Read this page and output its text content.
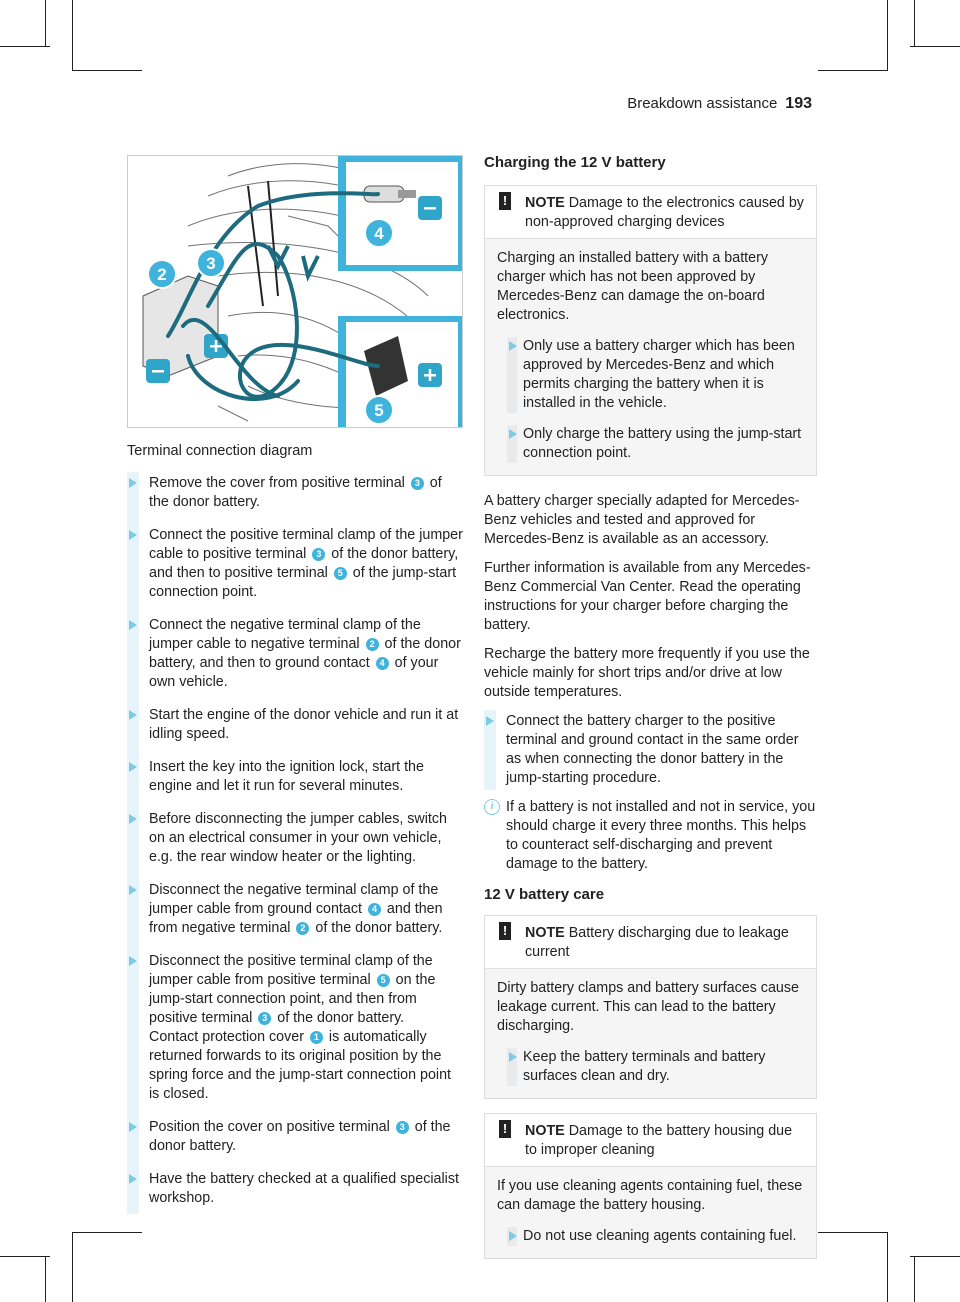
Breakdown assistance 193
2
3
4
5
Terminal connection diagram
Remove the cover from positive terminal 3 of the donor battery.
Connect the positive terminal clamp of the jumper cable to positive terminal 3 of the donor battery, and then to positive terminal 5 of the jump-start connection point.
Connect the negative terminal clamp of the jumper cable to negative terminal 2 of the donor battery, and then to ground contact 4 of your own vehicle.
Start the engine of the donor vehicle and run it at idling speed.
Insert the key into the ignition lock, start the engine and let it run for several minutes.
Before disconnecting the jumper cables, switch on an electrical consumer in your own vehicle, e.g. the rear window heater or the lighting.
Disconnect the negative terminal clamp of the jumper cable from ground contact 4 and then from negative terminal 2 of the donor battery.
Disconnect the positive terminal clamp of the jumper cable from positive terminal 5 on the jump-start connection point, and then from positive terminal 3 of the donor battery.
Contact protection cover 1 is automatically returned forwards to its original position by the spring force and the jump-start connection point is closed.
Position the cover on positive terminal 3 of the donor battery.
Have the battery checked at a qualified specialist workshop.
Charging the 12 V battery
! NOTE Damage to the electronics caused by non-approved charging devices

Charging an installed battery with a battery charger which has not been approved by Mercedes-Benz can damage the on-board electronics.

Only use a battery charger which has been approved by Mercedes-Benz and which permits charging the battery when it is installed in the vehicle.
Only charge the battery using the jump-start connection point.

A battery charger specially adapted for Mercedes-Benz vehicles and tested and approved for Mercedes-Benz is available as an accessory.

Further information is available from any Mercedes-Benz Commercial Van Center. Read the operating instructions for your charger before charging the battery.

Recharge the battery more frequently if you use the vehicle mainly for short trips and/or drive at low outside temperatures.

Connect the battery charger to the positive terminal and ground contact in the same order as when connecting the donor battery in the jump-starting procedure.
i If a battery is not installed and not in service, you should charge it every three months. This helps to counteract self-discharging and prevent damage to the battery.
12 V battery care
! NOTE Battery discharging due to leakage current

Dirty battery clamps and battery surfaces cause leakage current. This can lead to the battery discharging.

Keep the battery terminals and battery surfaces clean and dry.
! NOTE Damage to the battery housing due to improper cleaning

If you use cleaning agents containing fuel, these can damage the battery housing.

Do not use cleaning agents containing fuel.
